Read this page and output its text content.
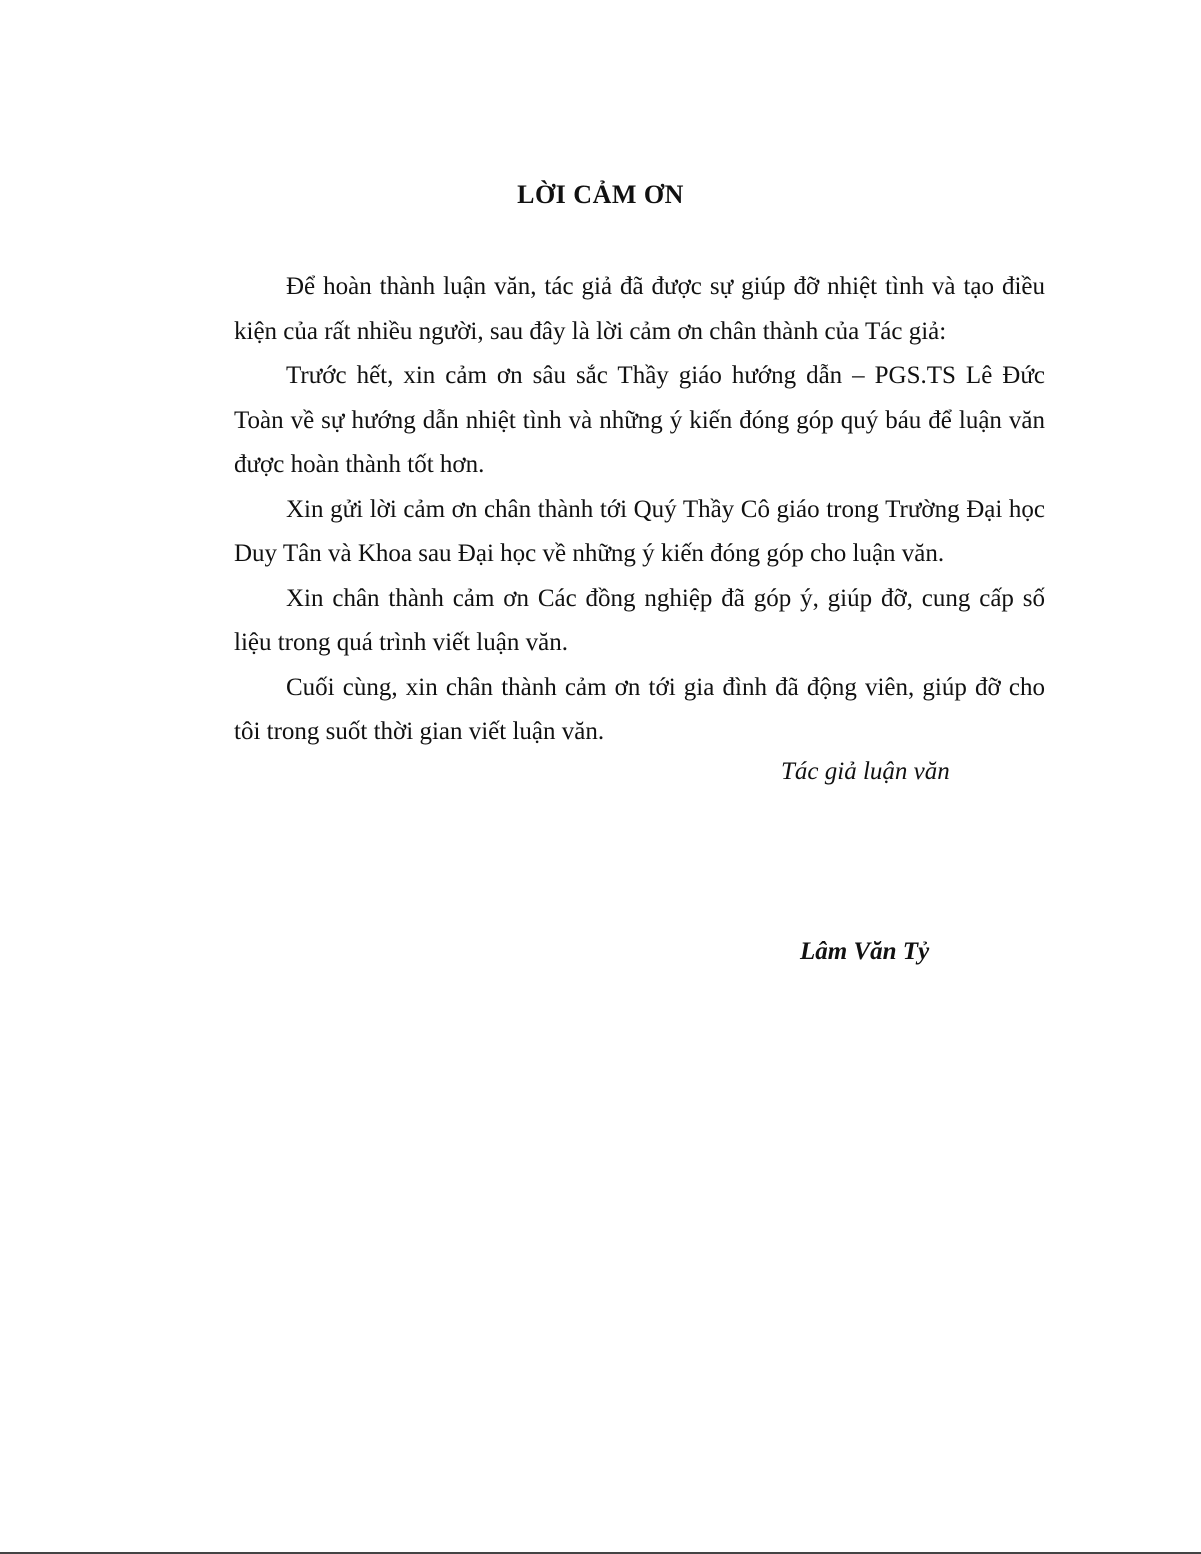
LỜI CẢM ƠN

Để hoàn thành luận văn, tác giả đã được sự giúp đỡ nhiệt tình và tạo điều kiện của rất nhiều người, sau đây là lời cảm ơn chân thành của Tác giả:

Trước hết, xin cảm ơn sâu sắc Thầy giáo hướng dẫn – PGS.TS Lê Đức Toàn về sự hướng dẫn nhiệt tình và những ý kiến đóng góp quý báu để luận văn được hoàn thành tốt hơn.

Xin gửi lời cảm ơn chân thành tới Quý Thầy Cô giáo trong Trường Đại học Duy Tân và Khoa sau Đại học về những ý kiến đóng góp cho luận văn.

Xin chân thành cảm ơn Các đồng nghiệp đã góp ý, giúp đỡ, cung cấp số liệu trong quá trình viết luận văn.

Cuối cùng, xin chân thành cảm ơn tới gia đình đã động viên, giúp đỡ cho tôi trong suốt thời gian viết luận văn.

Tác giả luận văn
Lâm Văn Tỷ
